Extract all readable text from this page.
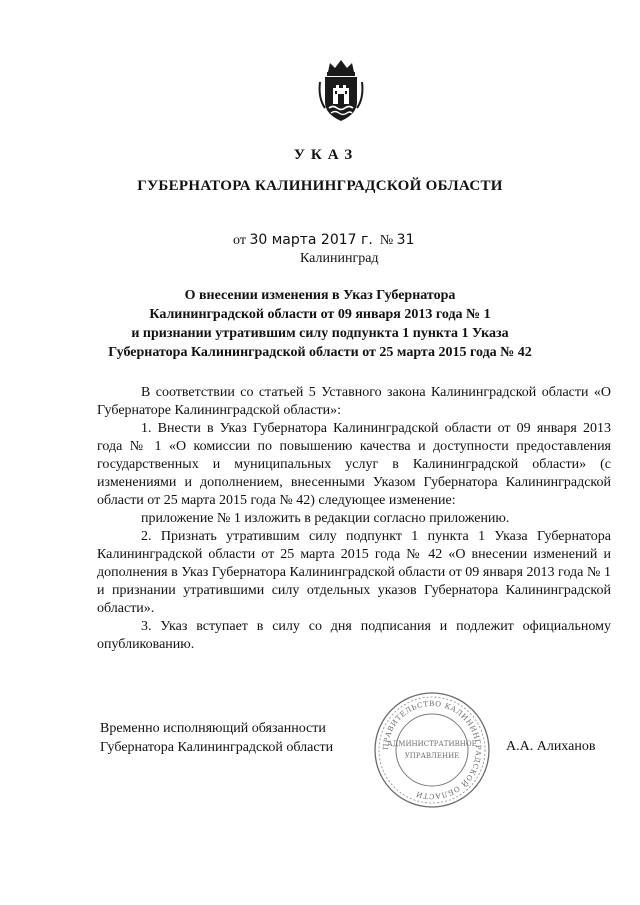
УКАЗ
ГУБЕРНАТОРА КАЛИНИНГРАДСКОЙ ОБЛАСТИ
от 30 марта 2017 г. № 31
Калининград
О внесении изменения в Указ Губернатора
Калининградской области от 09 января 2013 года № 1
и признании утратившим силу подпункта 1 пункта 1 Указа
Губернатора Калининградской области от 25 марта 2015 года № 42

В соответствии со статьей 5 Уставного закона Калининградской области «О Губернаторе Калининградской области»:

1. Внести в Указ Губернатора Калининградской области от 09 января 2013 года № 1 «О комиссии по повышению качества и доступности предоставления государственных и муниципальных услуг в Калининградской области» (с изменениями и дополнением, внесенными Указом Губернатора Калининградской области от 25 марта 2015 года № 42) следующее изменение:

приложение № 1 изложить в редакции согласно приложению.

2. Признать утратившим силу подпункт 1 пункта 1 Указа Губернатора Калининградской области от 25 марта 2015 года № 42 «О внесении изменений и дополнения в Указ Губернатора Калининградской области от 09 января 2013 года № 1 и признании утратившими силу отдельных указов Губернатора Калининградской области».

3. Указ вступает в силу со дня подписания и подлежит официальному опубликованию.

Временно исполняющий обязанности
Губернатора Калининградской области	ПРАВИТЕЛЬСТВО КАЛИНИНГРАДСКОЙ ОБЛАСТИ
АДМИНИСТРАТИВНОЕ
УПРАВЛЕНИЕ
А.А. Алиханов
